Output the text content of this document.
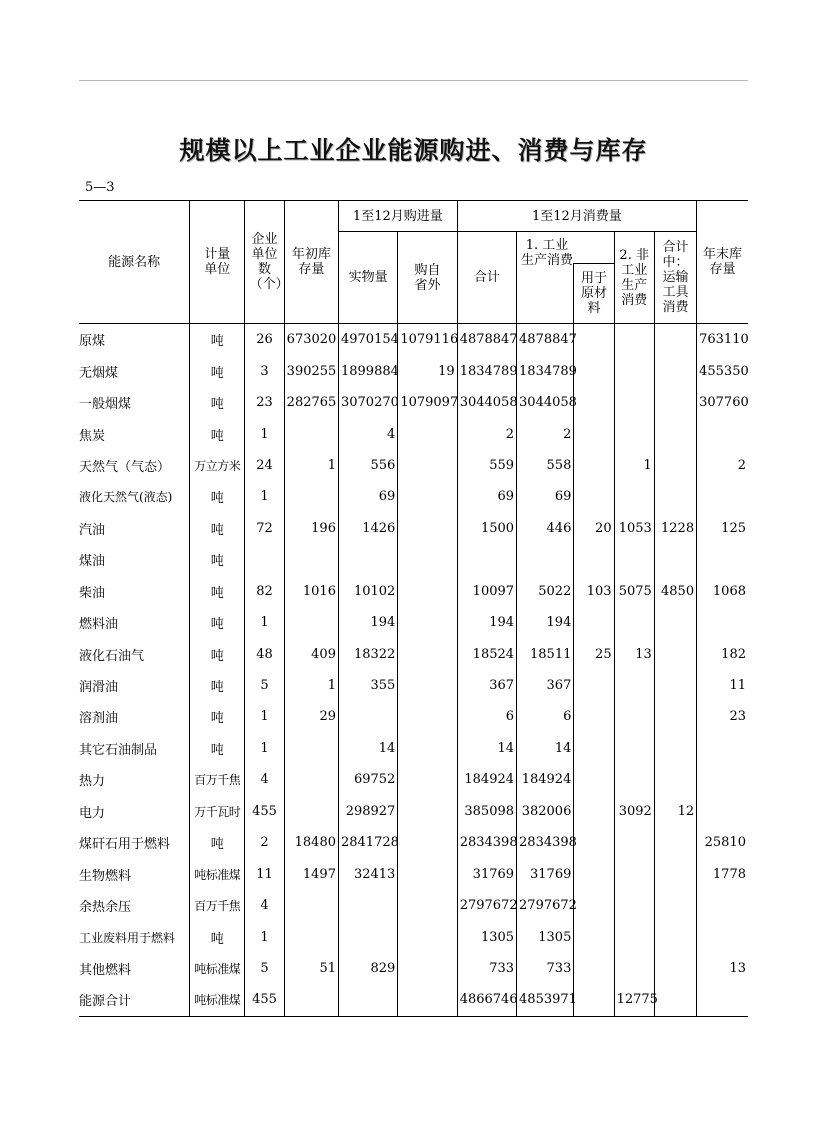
规模以上工业企业能源购进、消费与库存
5—3
能源名称	计量单位	企业单位数（个）	年初库存量	1至12月购进量		1至12月消费量					年末库存量
				实物量	购自省外	合计			2. 非工业生产消费	合计中：运输工具消费	

							1. 工业生产消费	用于原材料			
原煤	吨	26	673020	4970154	1079116	4878847	4878847				763110
无烟煤	吨	3	390255	1899884	19	1834789	1834789				455350
一般烟煤	吨	23	282765	3070270	1079097	3044058	3044058				307760
焦炭	吨	1		4		2	2				
天然气（气态）	万立方米	24	1	556		559	558		1		2
液化天然气(液态)	吨	1		69		69	69				
汽油	吨	72	196	1426		1500	446	20	1053	1228	125
煤油	吨										
柴油	吨	82	1016	10102		10097	5022	103	5075	4850	1068
燃料油	吨	1		194		194	194				
液化石油气	吨	48	409	18322		18524	18511	25	13		182
润滑油	吨	5	1	355		367	367				11
溶剂油	吨	1	29			6	6				23
其它石油制品	吨	1		14		14	14				
热力	百万千焦	4		69752		184924	184924				
电力	万千瓦时	455		298927		385098	382006		3092	12	
煤矸石用于燃料	吨	2	18480	2841728		2834398	2834398				25810
生物燃料	吨标准煤	11	1497	32413		31769	31769				1778
余热余压	百万千焦	4				2797672	2797672				
工业废料用于燃料	吨	1				1305	1305				
其他燃料	吨标准煤	5	51	829		733	733				13
能源合计	吨标准煤	455				4866746	4853971		12775		
